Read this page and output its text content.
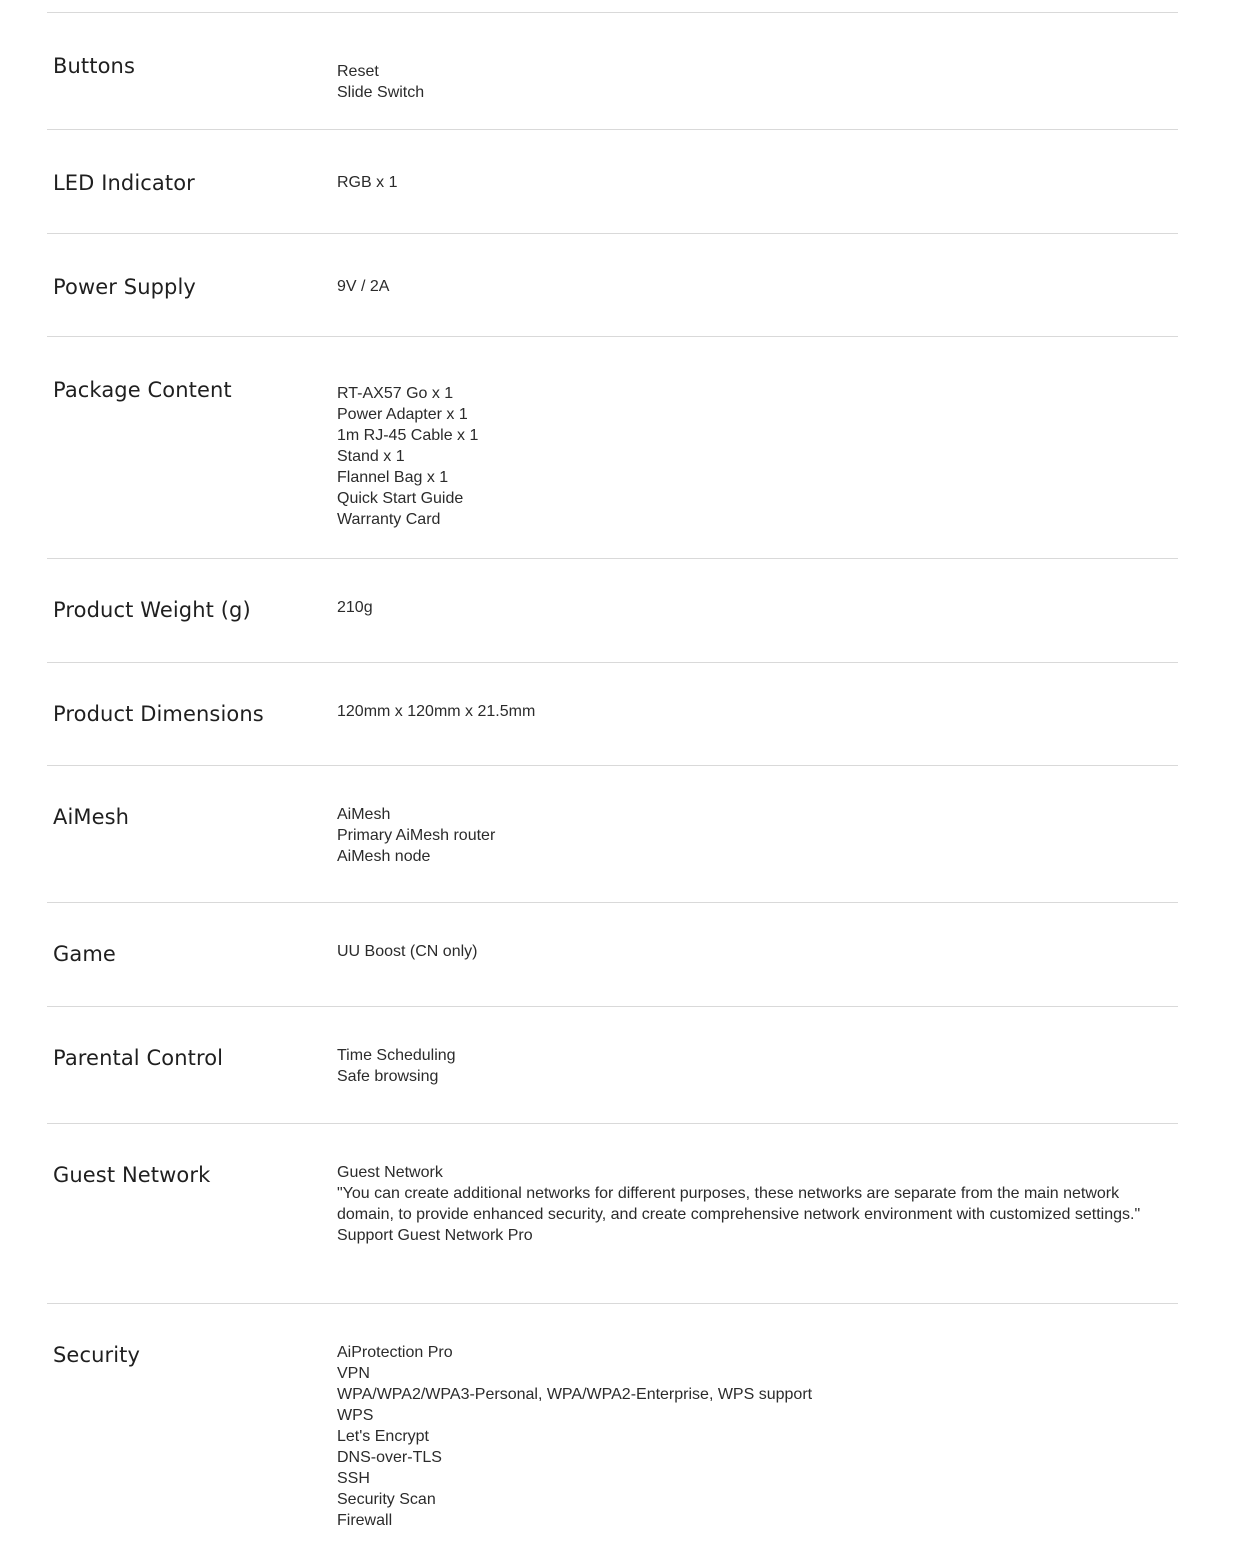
Buttons	Reset
Slide Switch
LED Indicator	RGB x 1
Power Supply	9V / 2A
Package Content	RT-AX57 Go x 1
Power Adapter x 1
1m RJ-45 Cable x 1
Stand x 1
Flannel Bag x 1
Quick Start Guide
Warranty Card
Product Weight (g)	210g
Product Dimensions	120mm x 120mm x 21.5mm
AiMesh	AiMesh
Primary AiMesh router
AiMesh node
Game	UU Boost (CN only)
Parental Control	Time Scheduling
Safe browsing
Guest Network	Guest Network
"You can create additional networks for different purposes, these networks are separate from the main network domain, to provide enhanced security, and create comprehensive network environment with customized settings."
Support Guest Network Pro
Security	AiProtection Pro
VPN
WPA/WPA2/WPA3-Personal, WPA/WPA2-Enterprise, WPS support
WPS
Let's Encrypt
DNS-over-TLS
SSH
Security Scan
Firewall
